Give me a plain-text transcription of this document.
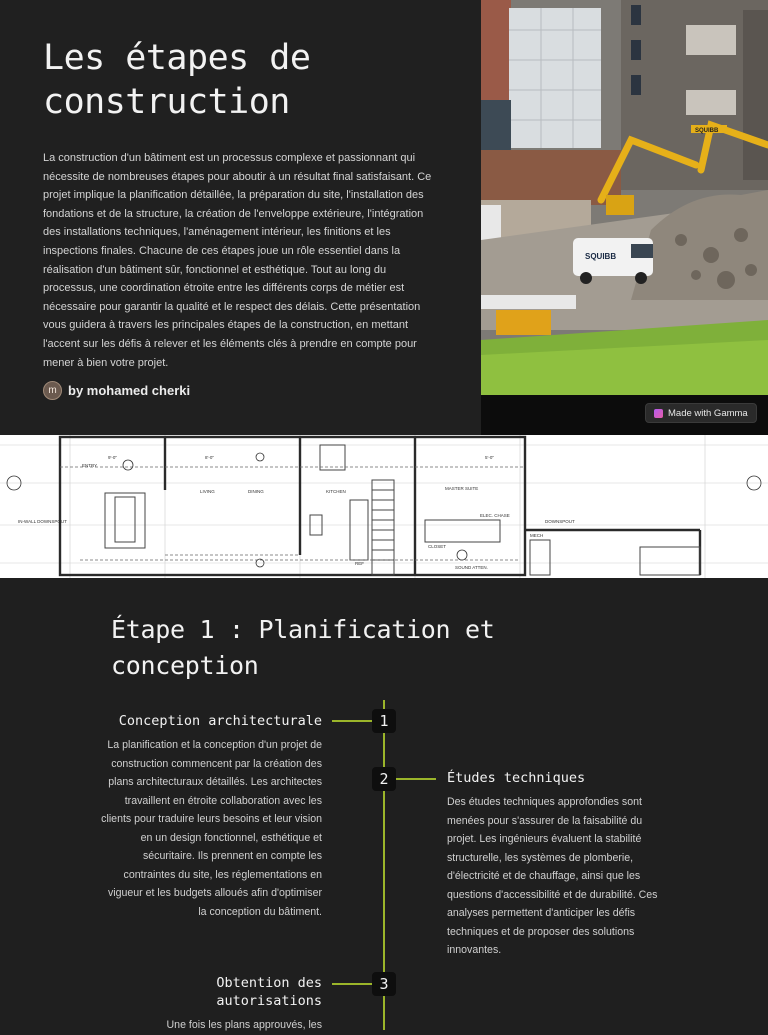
Les étapes de construction

La construction d'un bâtiment est un processus complexe et passionnant qui nécessite de nombreuses étapes pour aboutir à un résultat final satisfaisant. Ce projet implique la planification détaillée, la préparation du site, l'installation des fondations et de la structure, la création de l'enveloppe extérieure, l'intégration des installations techniques, l'aménagement intérieur, les finitions et les inspections finales. Chacune de ces étapes joue un rôle essentiel dans la réalisation d'un bâtiment sûr, fonctionnel et esthétique. Tout au long du processus, une coordination étroite entre les différents corps de métier est nécessaire pour garantir la qualité et le respect des délais. Cette présentation vous guidera à travers les principales étapes de la construction, en mettant l'accent sur les défis à relever et les éléments clés à prendre en compte pour mener à bien votre projet.

m by mohamed cherki
SQUIBB
SQUIBB
Made with Gamma
ENTRY
LIVING	DINING	KITCHEN
MASTER SUITE
CLOSET
ELEC. CHASE
DOWNSPOUT
MECH
REF
SOUND ATTEN.
IN-WALL DOWNSPOUT
8'-0"
9'-0"	5'-0"
Étape 1 : Planification et conception
1
Conception architecturale
La planification et la conception d'un projet de construction commencent par la création des plans architecturaux détaillés. Les architectes travaillent en étroite collaboration avec les clients pour traduire leurs besoins et leur vision en un design fonctionnel, esthétique et sécuritaire. Ils prennent en compte les contraintes du site, les réglementations en vigueur et les budgets alloués afin d'optimiser la conception du bâtiment.
2	Études techniques
Des études techniques approfondies sont menées pour s'assurer de la faisabilité du projet. Les ingénieurs évaluent la stabilité structurelle, les systèmes de plomberie, d'électricité et de chauffage, ainsi que les questions d'accessibilité et de durabilité. Ces analyses permettent d'anticiper les défis techniques et de proposer des solutions innovantes.
3
Obtention des autorisations
Une fois les plans approuvés, les
